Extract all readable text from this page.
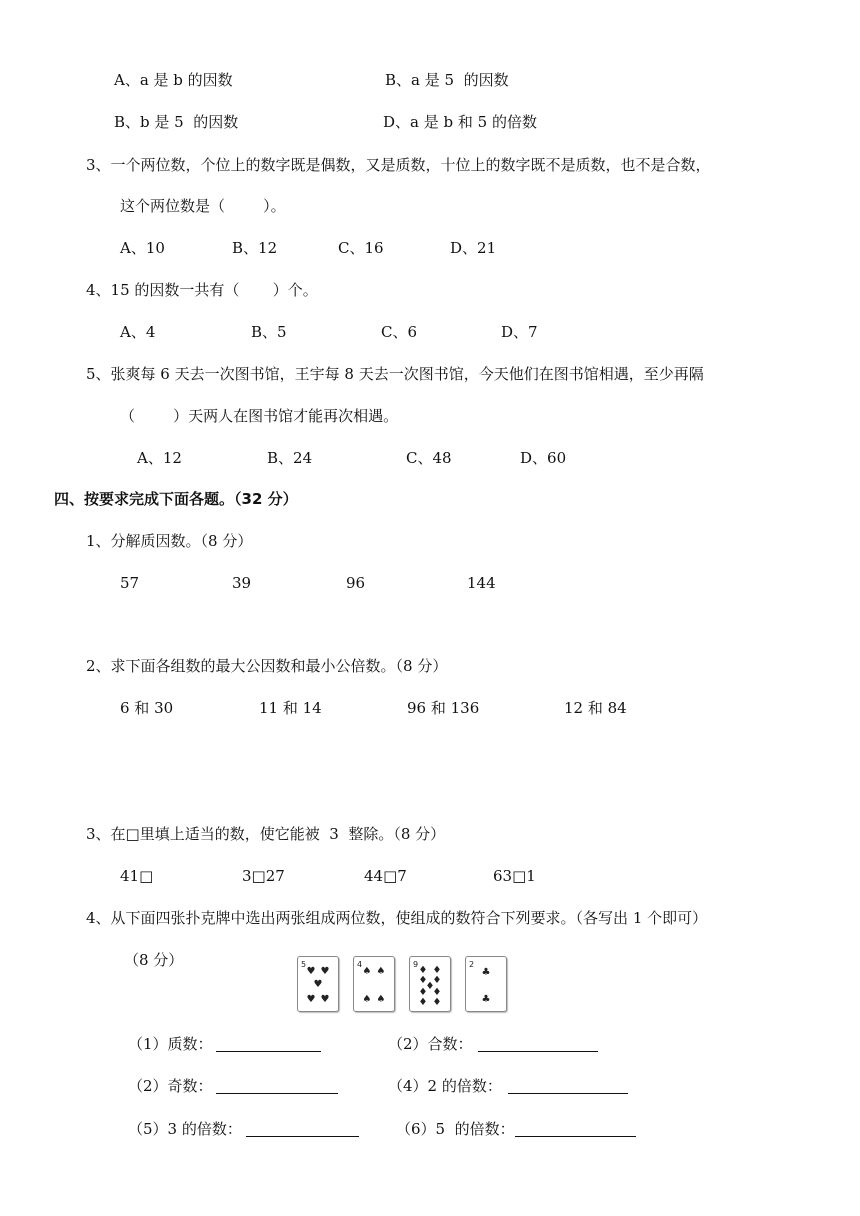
A、a 是 b 的因数	B、a 是 5  的因数
B、b 是 5  的因数	D、a 是 b 和 5 的倍数
3、一个两位数，个位上的数字既是偶数，又是质数，十位上的数字既不是质数，也不是合数，
这个两位数是（        ）。
A、10	B、12	C、16	D、21
4、15 的因数一共有（       ）个。
A、4	B、5	C、6	D、7
5、张爽每 6 天去一次图书馆，王宇每 8 天去一次图书馆，今天他们在图书馆相遇，至少再隔
（        ）天两人在图书馆才能再次相遇。
A、12	B、24	C、48	D、60
四、按要求完成下面各题。（32 分）
1、分解质因数。（8 分）
57	39	96	144
2、求下面各组数的最大公因数和最小公倍数。（8 分）
6 和 30	11 和 14	96 和 136	12 和 84
3、在□里填上适当的数，使它能被  3  整除。（8 分）
41□	3□27	44□7	63□1
4、从下面四张扑克牌中选出两张组成两位数，使组成的数符合下列要求。（各写出 1 个即可）
（8 分）	5
♥ ♥
♥
♥ ♥
4
♠ ♠
♠ ♠
9
♦ ♦
♦ ♦
♦
♦ ♦
♦ ♦
2
♣
♣
（1）质数：	（2）合数：
（2）奇数：	（4）2 的倍数：
（5）3 的倍数：	（6）5  的倍数：
